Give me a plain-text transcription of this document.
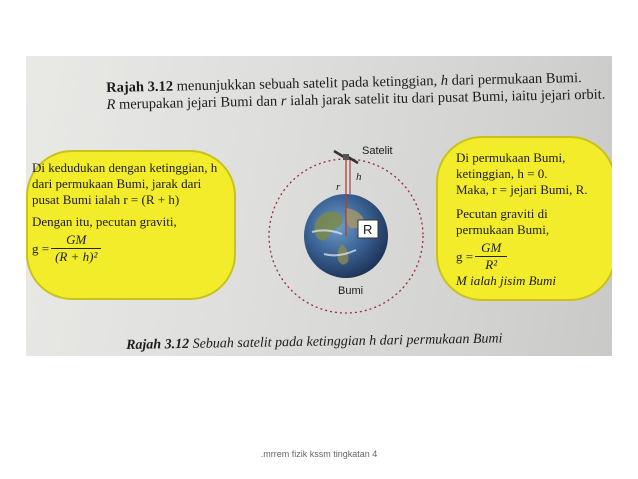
Rajah 3.12 menunjukkan sebuah satelit pada ketinggian, h dari permukaan Bumi.
R merupakan jejari Bumi dan r ialah jarak satelit itu dari pusat Bumi, iaitu jejari orbit.
Di kedudukan dengan ketinggian, h
dari permukaan Bumi, jarak dari
pusat Bumi ialah r = (R + h)
Dengan itu, pecutan graviti,
$g = \frac{GM}{\text{(R + h)²}}$
Di permukaan Bumi,
ketinggian, h = 0.
Maka, r = jejari Bumi, R.
Pecutan graviti di
permukaan Bumi,
$g = \frac{GM}{\text{R²}}$
M ialah jisim Bumi
Satelit
h
r
R
Bumi
Rajah 3.12 Sebuah satelit pada ketinggian h dari permukaan Bumi
.mrrem fizik kssm tingkatan 4
